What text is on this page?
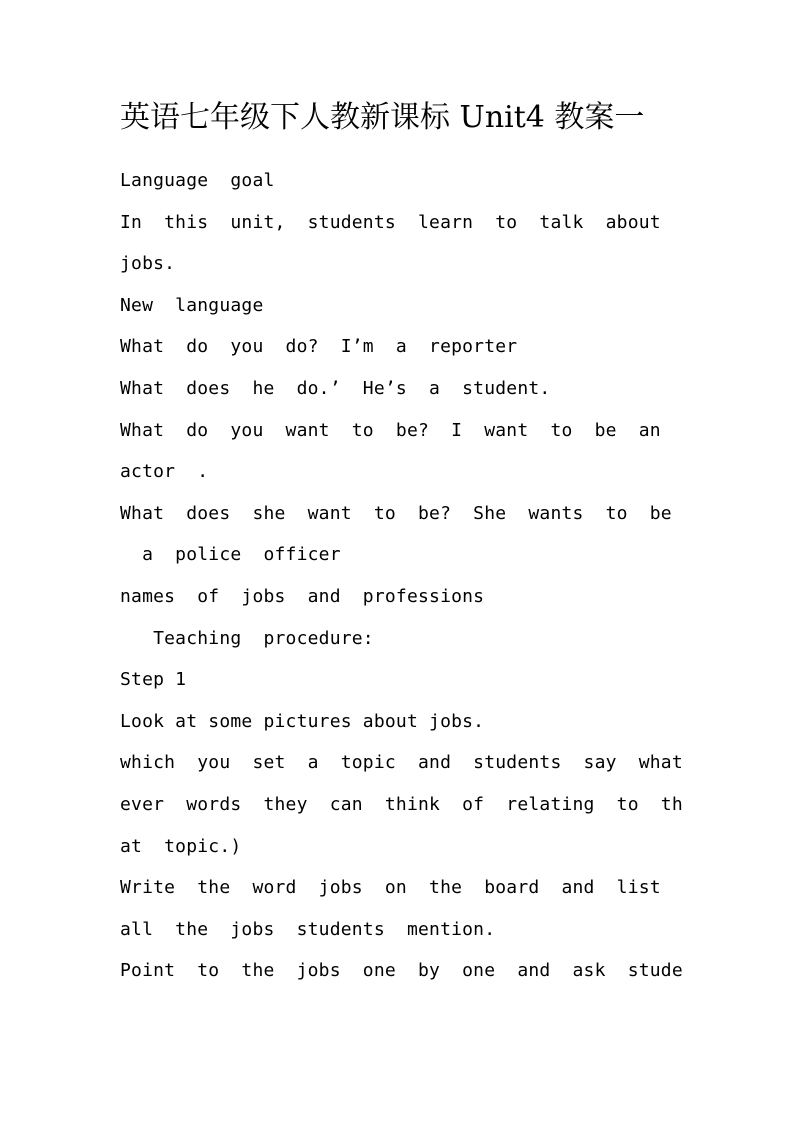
英语七年级下人教新课标 Unit4 教案一
Language  goal
In  this  unit,  students  learn  to  talk  about
jobs.
New  language
What  do  you  do?  I’m  a  reporter
What  does  he  do.’  He’s  a  student.
What  do  you  want  to  be?  I  want  to  be  an
actor  .
What  does  she  want  to  be?  She  wants  to  be
a  police  officer
names  of  jobs  and  professions
Teaching  procedure:
Step 1
Look at some pictures about jobs.
which  you  set  a  topic  and  students  say  what
ever  words  they  can  think  of  relating  to  th
at  topic.)
Write  the  word  jobs  on  the  board  and  list
all  the  jobs  students  mention.
Point  to  the  jobs  one  by  one  and  ask  stude
